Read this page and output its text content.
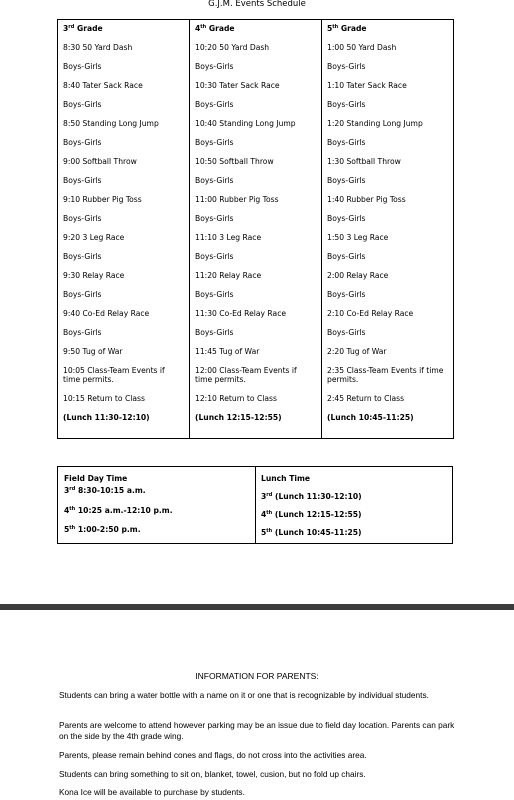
G.J.M. Events Schedule
3rd Grade	4th Grade	5th Grade

8:30 50 Yard Dash	10:20 50 Yard Dash	1:00 50 Yard Dash

Boys-Girls	Boys-Girls	Boys-Girls

8:40 Tater Sack Race	10:30 Tater Sack Race	1:10 Tater Sack Race

Boys-Girls	Boys-Girls	Boys-Girls

8:50 Standing Long Jump	10:40 Standing Long Jump	1:20 Standing Long Jump

Boys-Girls	Boys-Girls	Boys-Girls

9:00 Softball Throw	10:50 Softball Throw	1:30 Softball Throw

Boys-Girls	Boys-Girls	Boys-Girls

9:10 Rubber Pig Toss	11:00 Rubber Pig Toss	1:40 Rubber Pig Toss

Boys-Girls	Boys-Girls	Boys-Girls

9:20 3 Leg Race	11:10 3 Leg Race	1:50 3 Leg Race

Boys-Girls	Boys-Girls	Boys-Girls

9:30 Relay Race	11:20 Relay Race	2:00 Relay Race

Boys-Girls	Boys-Girls	Boys-Girls

9:40 Co-Ed Relay Race	11:30 Co-Ed Relay Race	2:10 Co-Ed Relay Race

Boys-Girls	Boys-Girls	Boys-Girls

9:50 Tug of War	11:45 Tug of War	2:20 Tug of War

10:05 Class-Team Events if time permits.	12:00 Class-Team Events if time permits.	2:35 Class-Team Events if time permits.

10:15 Return to Class	12:10 Return to Class	2:45 Return to Class

(Lunch 11:30-12:10)	(Lunch 12:15-12:55)	(Lunch 10:45-11:25)
Field Day Time
3rd 8:30-10:15 a.m.
4th 10:25 a.m.-12:10 p.m.
5th 1:00-2:50 p.m.
Lunch Time
3rd (Lunch 11:30-12:10)
4th (Lunch 12:15-12:55)
5th (Lunch 10:45-11:25)
INFORMATION FOR PARENTS:
Students can bring a water bottle with a name on it or one that is recognizable by individual students.
Parents are welcome to attend however parking may be an issue due to field day location. Parents can park on the side by the 4th grade wing.
Parents, please remain behind cones and flags, do not cross into the activities area.
Students can bring something to sit on, blanket, towel, cusion, but no fold up chairs.
Kona Ice will be available to purchase by students.
